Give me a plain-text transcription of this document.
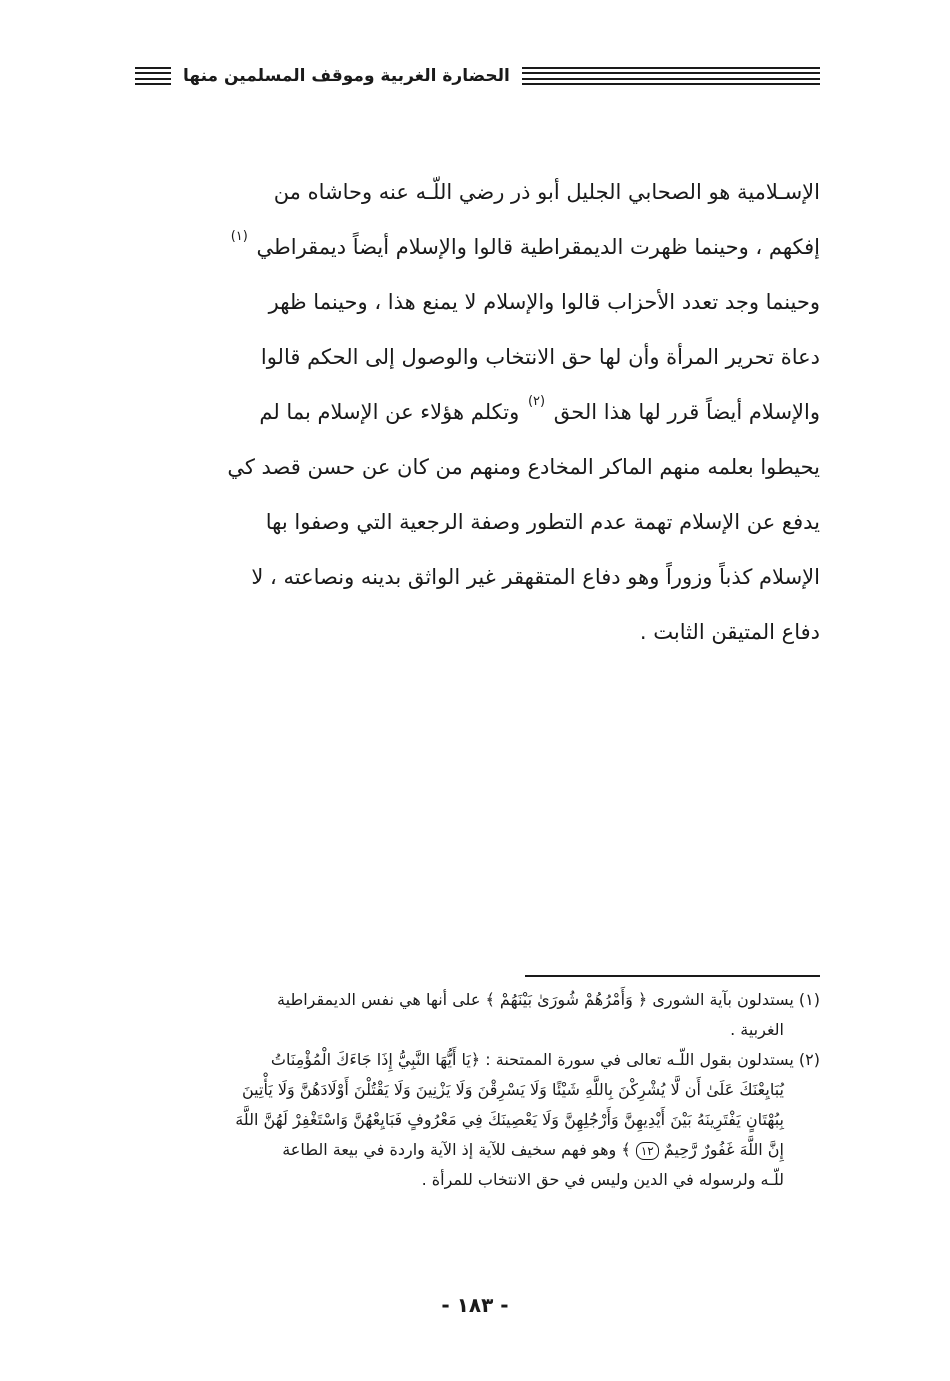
الحضارة الغربية وموقف المسلمين منها
الإسـلامية هو الصحابي الجليل أبو ذر رضي اللّـه عنه وحاشاه من
إفكهم ، وحينما ظهرت الديمقراطية قالوا والإسلام أيضاً ديمقراطي $^{(١)}$
وحينما وجد تعدد الأحزاب قالوا والإسلام لا يمنع هذا ، وحينما ظهر
دعاة تحرير المرأة وأن لها حق الانتخاب والوصول إلى الحكم قالوا
والإسلام أيضاً قرر لها هذا الحق $^{(٢)}$ وتكلم هؤلاء عن الإسلام بما لم
يحيطوا بعلمه منهم الماكر المخادع ومنهم من كان عن حسن قصد كي
يدفع عن الإسلام تهمة عدم التطور وصفة الرجعية التي وصفوا بها
الإسلام كذباً وزوراً وهو دفاع المتقهقر غير الواثق بدينه ونصاعته ، لا
دفاع المتيقن الثابت .
(١) يستدلون بآية الشورى ﴿ وَأَمْرُهُمْ شُورَىٰ بَيْنَهُمْ ﴾ على أنها هي نفس الديمقراطية
الغربية .
(٢) يستدلون بقول اللّـه تعالى في سورة الممتحنة : ﴿يَا أَيُّهَا النَّبِيُّ إِذَا جَاءَكَ الْمُؤْمِنَاتُ
يُبَايِعْنَكَ عَلَىٰ أَن لَّا يُشْرِكْنَ بِاللَّهِ شَيْئًا وَلَا يَسْرِقْنَ وَلَا يَزْنِينَ وَلَا يَقْتُلْنَ أَوْلَادَهُنَّ وَلَا يَأْتِينَ
بِبُهْتَانٍ يَفْتَرِينَهُ بَيْنَ أَيْدِيهِنَّ وَأَرْجُلِهِنَّ وَلَا يَعْصِينَكَ فِي مَعْرُوفٍ فَبَايِعْهُنَّ وَاسْتَغْفِرْ لَهُنَّ اللَّهَ
إِنَّ اللَّهَ غَفُورٌ رَّحِيمٌ ١٢ ﴾ وهو فهم سخيف للآية إذ الآية واردة في بيعة الطاعة
للّـه ولرسوله في الدين وليس في حق الانتخاب للمرأة .
- ١٨٣ -
